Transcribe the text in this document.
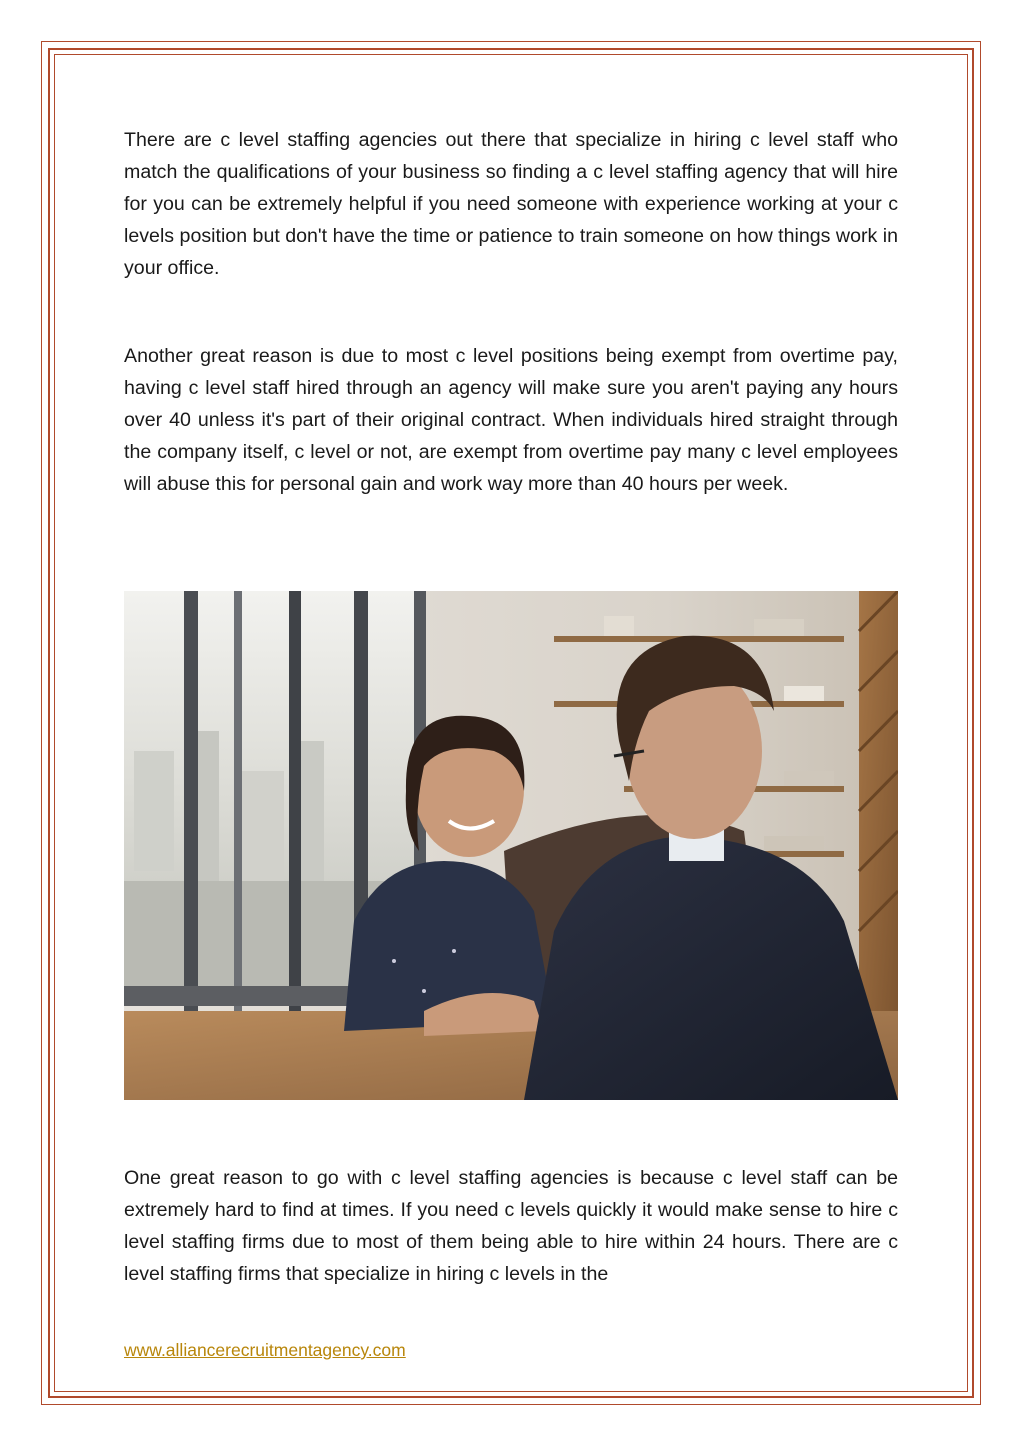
There are c level staffing agencies out there that specialize in hiring c level staff who match the qualifications of your business so finding a c level staffing agency that will hire for you can be extremely helpful if you need someone with experience working at your c levels position but don't have the time or patience to train someone on how things work in your office.

Another great reason is due to most c level positions being exempt from overtime pay, having c level staff hired through an agency will make sure you aren't paying any hours over 40 unless it's part of their original contract. When individuals hired straight through the company itself, c level or not, are exempt from overtime pay many c level employees will abuse this for personal gain and work way more than 40 hours per week.

One great reason to go with c level staffing agencies is because c level staff can be extremely hard to find at times. If you need c levels quickly it would make sense to hire c level staffing firms due to most of them being able to hire within 24 hours. There are c level staffing firms that specialize in hiring c levels in the

www.alliancerecruitmentagency.com
